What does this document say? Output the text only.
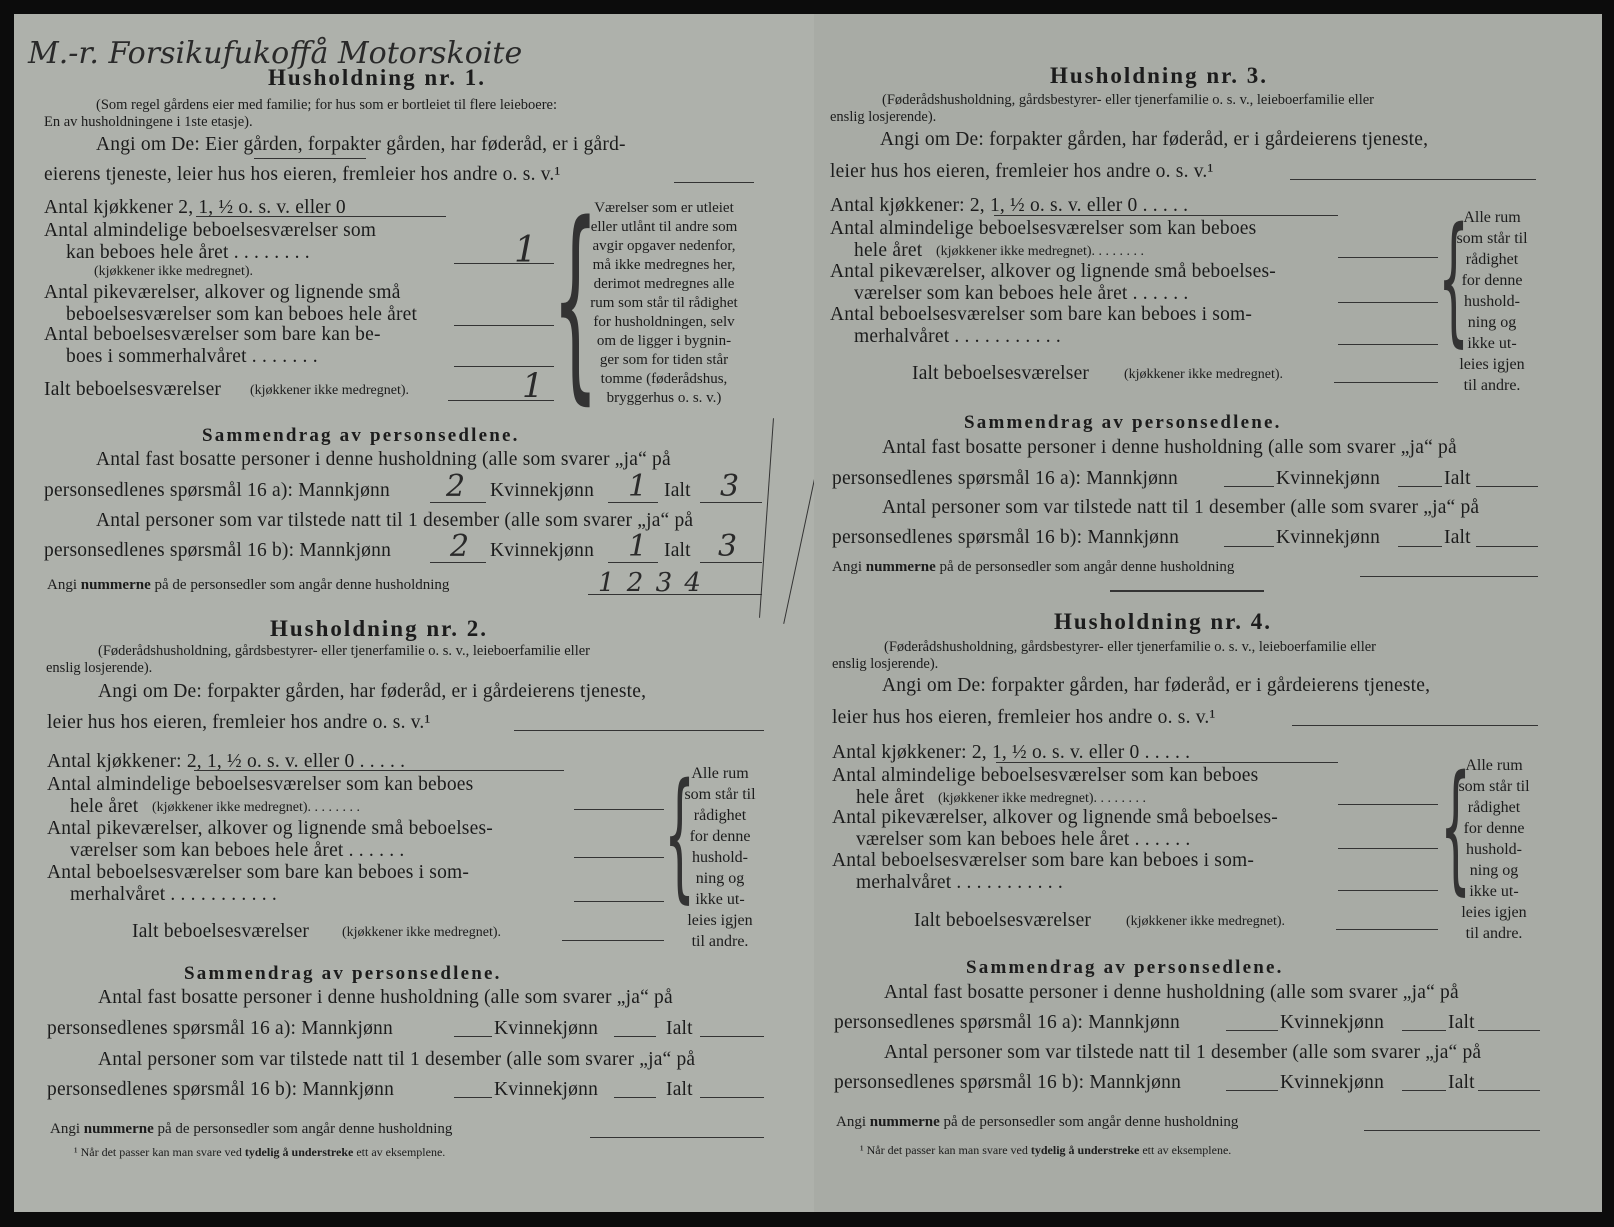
M.-r. Forsikufukoffå Motorskoite
Husholdning nr. 1.
(Som regel gårdens eier med familie; for hus som er bortleiet til flere leieboere:
En av husholdningene i 1ste etasje).
Angi om De: Eier gården, forpakter gården, har føderåd, er i gård-
eierens tjeneste, leier hus hos eieren, fremleier hos andre o. s. v.¹
Antal kjøkkener 2, 1, ½ o. s. v. eller 0
Antal almindelige beboelsesværelser som
kan beboes hele året . . . . . . . .
(kjøkkener ikke medregnet).
1
Antal pikeværelser, alkover og lignende små
beboelsesværelser som kan beboes hele året
Antal beboelsesværelser som bare kan be-
boes i sommerhalvåret . . . . . . .
Ialt beboelsesværelser (kjøkkener ikke medregnet).	1 {
Værelser som er utleiet
eller utlånt til andre som
avgir opgaver nedenfor,
må ikke medregnes her,
derimot medregnes alle
rum som står til rådighet
for husholdningen, selv
om de ligger i bygnin-
ger som for tiden står
tomme (føderådshus,
bryggerhus o. s. v.)
Sammendrag av personsedlene.
Antal fast bosatte personer i denne husholdning (alle som svarer „ja“ på
personsedlenes spørsmål 16 a): Mannkjønn 2 Kvinnekjønn 1 Ialt 3
Antal personer som var tilstede natt til 1 desember (alle som svarer „ja“ på
personsedlenes spørsmål 16 b): Mannkjønn 2 Kvinnekjønn 1 Ialt 3
Angi nummerne på de personsedler som angår denne husholdning	1 2 3 4
Husholdning nr. 2.
(Føderådshusholdning, gårdsbestyrer- eller tjenerfamilie o. s. v., leieboerfamilie eller
enslig losjerende).
Angi om De: forpakter gården, har føderåd, er i gårdeierens tjeneste,
leier hus hos eieren, fremleier hos andre o. s. v.¹
Antal kjøkkener: 2, 1, ½ o. s. v. eller 0 . . . . .
Antal almindelige beboelsesværelser som kan beboes
hele året (kjøkkener ikke medregnet). . . . . . . .
Antal pikeværelser, alkover og lignende små beboelses-
værelser som kan beboes hele året . . . . . .
Antal beboelsesværelser som bare kan beboes i som-
merhalvåret . . . . . . . . . . .
Ialt beboelsesværelser (kjøkkener ikke medregnet).
{
Alle rum
som står til
rådighet
for denne
hushold-
ning og
ikke ut-
leies igjen
til andre.
Sammendrag av personsedlene.
Antal fast bosatte personer i denne husholdning (alle som svarer „ja“ på
personsedlenes spørsmål 16 a): Mannkjønn	Kvinnekjønn	Ialt
Antal personer som var tilstede natt til 1 desember (alle som svarer „ja“ på
personsedlenes spørsmål 16 b): Mannkjønn	Kvinnekjønn	Ialt
Angi nummerne på de personsedler som angår denne husholdning
¹ Når det passer kan man svare ved tydelig å understreke ett av eksemplene.
Husholdning nr. 3.
(Føderådshusholdning, gårdsbestyrer- eller tjenerfamilie o. s. v., leieboerfamilie eller
enslig losjerende).
Angi om De: forpakter gården, har føderåd, er i gårdeierens tjeneste,
leier hus hos eieren, fremleier hos andre o. s. v.¹
Antal kjøkkener: 2, 1, ½ o. s. v. eller 0 . . . . .
Antal almindelige beboelsesværelser som kan beboes
hele året (kjøkkener ikke medregnet). . . . . . . .
Antal pikeværelser, alkover og lignende små beboelses-
værelser som kan beboes hele året . . . . . .
Antal beboelsesværelser som bare kan beboes i som-
merhalvåret . . . . . . . . . . .
Ialt beboelsesværelser (kjøkkener ikke medregnet).
{
Alle rum
som står til
rådighet
for denne
hushold-
ning og
ikke ut-
leies igjen
til andre.
Sammendrag av personsedlene.
Antal fast bosatte personer i denne husholdning (alle som svarer „ja“ på
personsedlenes spørsmål 16 a): Mannkjønn	Kvinnekjønn	Ialt
Antal personer som var tilstede natt til 1 desember (alle som svarer „ja“ på
personsedlenes spørsmål 16 b): Mannkjønn	Kvinnekjønn	Ialt
Angi nummerne på de personsedler som angår denne husholdning
Husholdning nr. 4.
(Føderådshusholdning, gårdsbestyrer- eller tjenerfamilie o. s. v., leieboerfamilie eller
enslig losjerende).
Angi om De: forpakter gården, har føderåd, er i gårdeierens tjeneste,
leier hus hos eieren, fremleier hos andre o. s. v.¹
Antal kjøkkener: 2, 1, ½ o. s. v. eller 0 . . . . .
Antal almindelige beboelsesværelser som kan beboes
hele året (kjøkkener ikke medregnet). . . . . . . .
Antal pikeværelser, alkover og lignende små beboelses-
værelser som kan beboes hele året . . . . . .
Antal beboelsesværelser som bare kan beboes i som-
merhalvåret . . . . . . . . . . .
Ialt beboelsesværelser (kjøkkener ikke medregnet).
{
Alle rum
som står til
rådighet
for denne
hushold-
ning og
ikke ut-
leies igjen
til andre.
Sammendrag av personsedlene.
Antal fast bosatte personer i denne husholdning (alle som svarer „ja“ på
personsedlenes spørsmål 16 a): Mannkjønn	Kvinnekjønn	Ialt
Antal personer som var tilstede natt til 1 desember (alle som svarer „ja“ på
personsedlenes spørsmål 16 b): Mannkjønn	Kvinnekjønn	Ialt
Angi nummerne på de personsedler som angår denne husholdning
¹ Når det passer kan man svare ved tydelig å understreke ett av eksemplene.
